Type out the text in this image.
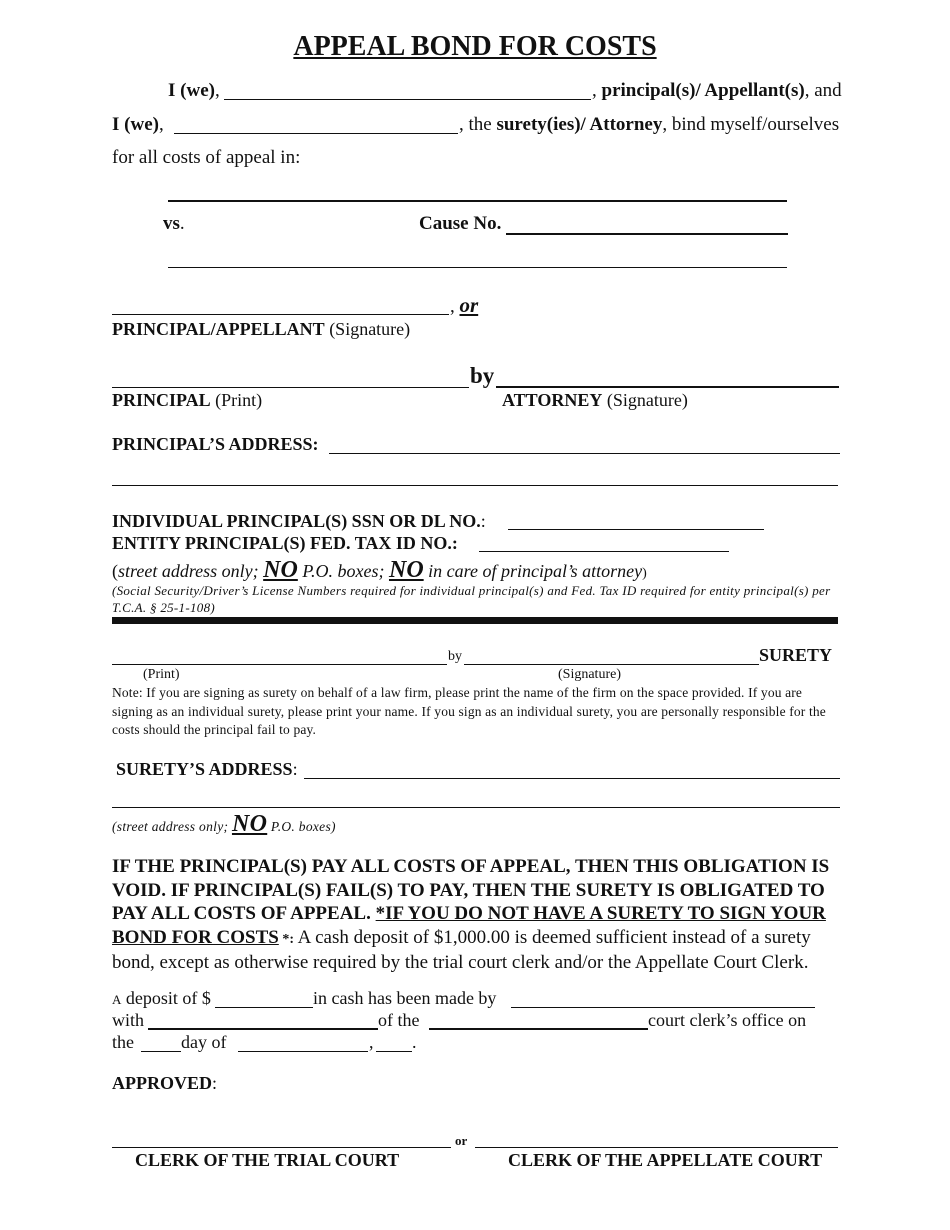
APPEAL BOND FOR COSTS
I (we),	, principal(s)/ Appellant(s), and
I (we),	, the surety(ies)/ Attorney, bind myself/ourselves
for all costs of appeal in:
vs.	Cause No.
, or
PRINCIPAL/APPELLANT (Signature)
by
PRINCIPAL (Print)	ATTORNEY (Signature)
PRINCIPAL’S ADDRESS:
INDIVIDUAL PRINCIPAL(S) SSN OR DL NO.:
ENTITY PRINCIPAL(S) FED. TAX ID NO.:
(street address only; NO P.O. boxes; NO in care of principal’s attorney)
(Social Security/Driver’s License Numbers required for individual principal(s) and Fed. Tax ID required for entity principal(s) per T.C.A. § 25-1-108)
by	SURETY
(Print)	(Signature)
Note: If you are signing as surety on behalf of a law firm, please print the name of the firm on the space provided. If you are signing as an individual surety, please print your name. If you sign as an individual surety, you are personally responsible for the costs should the principal fail to pay.
SURETY’S ADDRESS:
(street address only; NO P.O. boxes)
IF THE PRINCIPAL(S) PAY ALL COSTS OF APPEAL, THEN THIS OBLIGATION IS VOID. IF PRINCIPAL(S) FAIL(S) TO PAY, THEN THE SURETY IS OBLIGATED TO PAY ALL COSTS OF APPEAL. *IF YOU DO NOT HAVE A SURETY TO SIGN YOUR BOND FOR COSTS *: A cash deposit of $1,000.00 is deemed sufficient instead of a surety bond, except as otherwise required by the trial court clerk and/or the Appellate Court Clerk.
A deposit of $	in cash has been made by
with	of the	court clerk’s office on
the	day of	, .
APPROVED:
or
CLERK OF THE TRIAL COURT	CLERK OF THE APPELLATE COURT
